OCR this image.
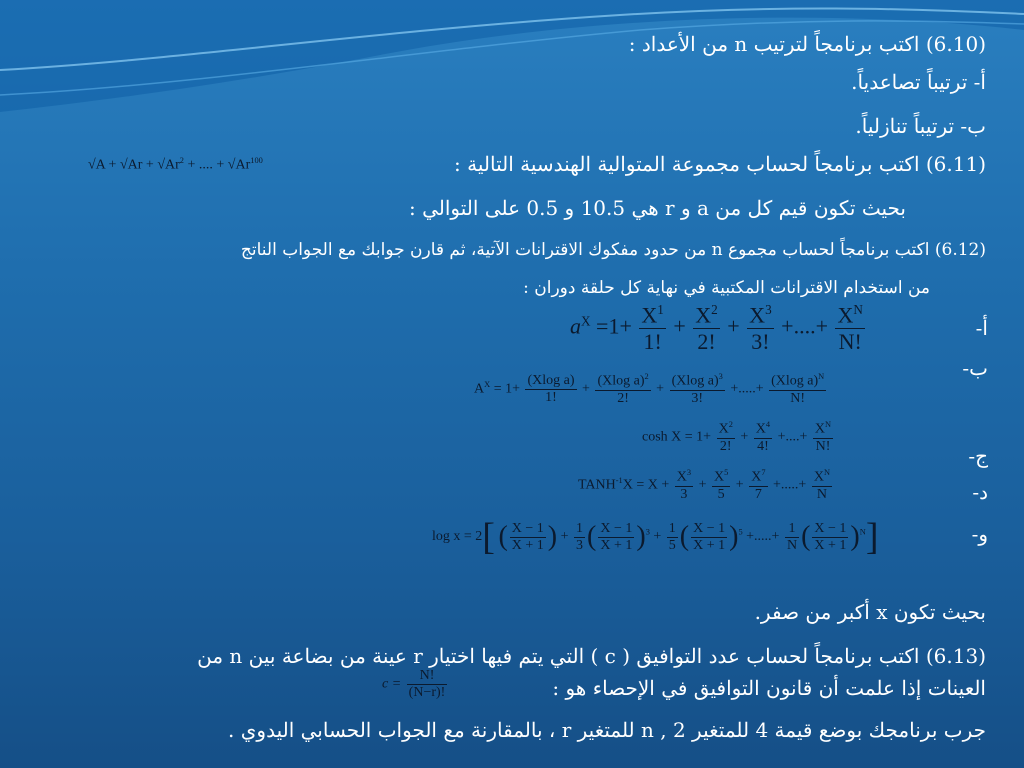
(6.10) اكتب برنامجاً لترتيب n من الأعداد :
أ- ترتيباً تصاعدياً.
ب- ترتيباً تنازلياً.
(6.11) اكتب برنامجاً لحساب مجموعة المتوالية الهندسية التالية :
بحيث تكون قيم كل من a و r هي 10.5 و 0.5 على التوالي :
(6.12) اكتب برنامجاً لحساب مجموع n من حدود مفكوك الاقترانات الآتية، ثم قارن جوابك مع الجواب الناتج
من استخدام الاقترانات المكتبية في نهاية كل حلقة دوران :
بحيث تكون x أكبر من صفر.
(6.13) اكتب برنامجاً لحساب عدد التوافيق ( c ) التي يتم فيها اختيار r عينة من بضاعة بين n من
العينات إذا علمت أن قانون التوافيق في الإحصاء هو :
جرب برنامجك بوضع قيمة 4 للمتغير n , 2 للمتغير r ، بالمقارنة مع الجواب الحسابي اليدوي .
أ-
ب-
ج-
د-
و-
$√A + √Ar + √Ar^2$ + .... + $√Ar^{100}$
$a^X =1+ \frac{X^1}{1!} + \frac{X^2}{2!} + \frac{X^3}{3!}$ +....+ $\frac{X^N}{N!}$
$A^X = 1+ \frac{\text{(Xlog a)}}{1!} + \frac{(Xlog a)^2}{2!} + \frac{(Xlog a)^3}{3!}$ +.....+ $\frac{(Xlog a)^N}{N!}$
$\cosh X = 1+ \frac{X^2}{2!} + \frac{X^4}{4!}$ +....+ $\frac{X^N}{N!}$
$TANH^{-1}X = X + \frac{X^3}{3} + \frac{X^5}{5} + \frac{X^7}{7}$ +.....+ $\frac{X^N}{N}$
log x = 2[ ( $\frac{X - 1}{X + 1}$ ) + $\frac{1}{3}$ ( $\frac{X - 1}{X + 1} )^3 + \frac{1}{5}$ ( $\frac{X - 1}{X + 1} )^5$ +.....+ $\frac{1}{N}$ ( $\frac{X - 1}{X + 1} )^N$]
$c = \frac{N!}{(N-r)!}$
